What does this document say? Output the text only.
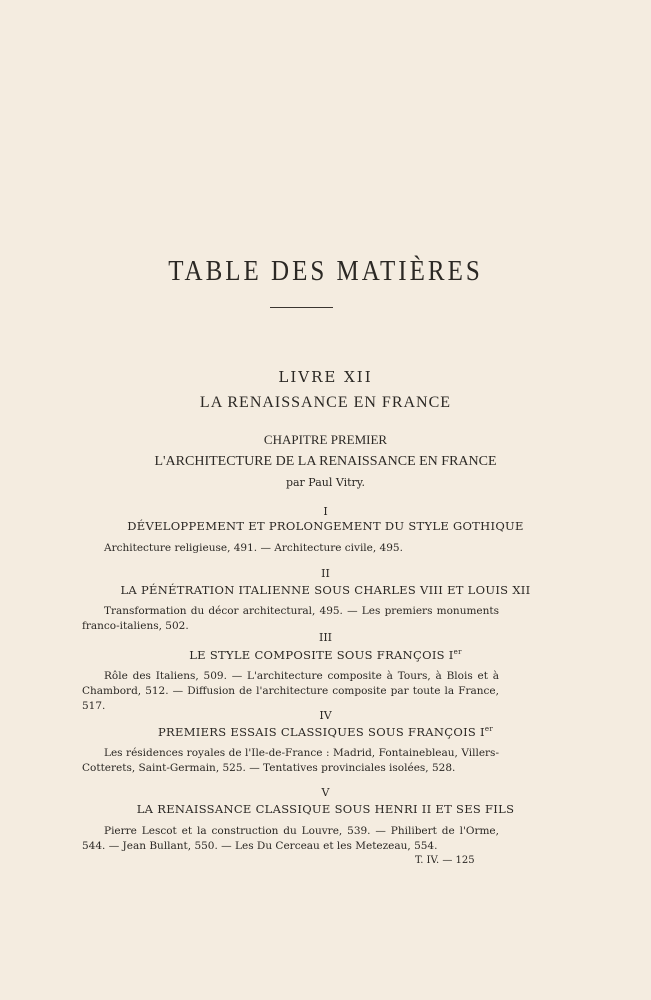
TABLE DES MATIÈRES
LIVRE XII
LA RENAISSANCE EN FRANCE
CHAPITRE PREMIER
L'ARCHITECTURE DE LA RENAISSANCE EN FRANCE
par Paul Vitry.
I
DÉVELOPPEMENT ET PROLONGEMENT DU STYLE GOTHIQUE
Architecture religieuse, 491. — Architecture civile, 495.
II
LA PÉNÉTRATION ITALIENNE SOUS CHARLES VIII ET LOUIS XII
Transformation du décor architectural, 495. — Les premiers monuments franco-italiens, 502.
III
LE STYLE COMPOSITE SOUS FRANÇOIS Ier
Rôle des Italiens, 509. — L'architecture composite à Tours, à Blois et à Chambord, 512. — Diffusion de l'architecture composite par toute la France, 517.
IV
PREMIERS ESSAIS CLASSIQUES SOUS FRANÇOIS Ier
Les résidences royales de l'Ile-de-France : Madrid, Fontainebleau, Villers-Cotterets, Saint-Germain, 525. — Tentatives provinciales isolées, 528.
V
LA RENAISSANCE CLASSIQUE SOUS HENRI II ET SES FILS
Pierre Lescot et la construction du Louvre, 539. — Philibert de l'Orme, 544. — Jean Bullant, 550. — Les Du Cerceau et les Metezeau, 554.
T. IV. — 125
